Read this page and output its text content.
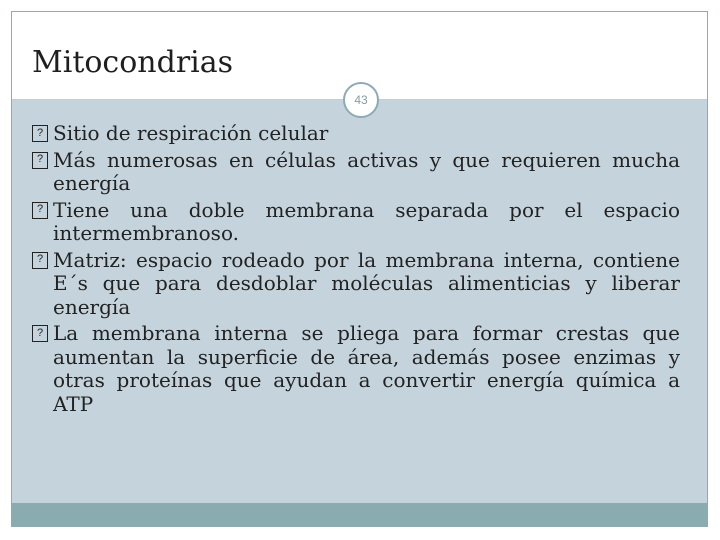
Mitocondrias
43
? Sitio de respiración celular
? Más numerosas en células activas y que requieren mucha energía
? Tiene una doble membrana separada por el espacio intermembranoso.
? Matriz: espacio rodeado por la membrana interna, contiene E´s que para desdoblar moléculas alimenticias y liberar energía
? La membrana interna se pliega para formar crestas que aumentan la superficie de área, además posee enzimas y otras proteínas que ayudan a convertir energía química a ATP
